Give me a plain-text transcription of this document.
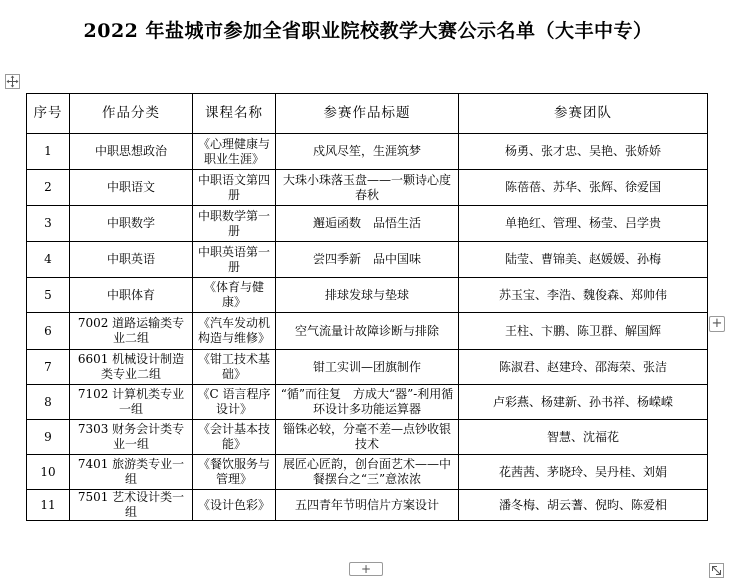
2022 年盐城市参加全省职业院校教学大赛公示名单（大丰中专）
序号	作品分类	课程名称	参赛作品标题	参赛团队
1	中职思想政治	《心理健康与职业生涯》	戍风尽笙，生涯筑梦	杨勇、张才忠、吴艳、张娇娇
2	中职语文	中职语文第四册	大珠小珠落玉盘——一颗诗心度春秋	陈蓓蓓、苏华、张辉、徐爱国
3	中职数学	中职数学第一册	邂逅函数　品悟生活	单艳红、管理、杨莹、吕学贵
4	中职英语	中职英语第一册	尝四季新　品中国味	陆莹、曹锦美、赵媛媛、孙梅
5	中职体育	《体育与健康》	排球发球与垫球	苏玉宝、李浩、魏俊森、郑帅伟
6	7002 道路运输类专业二组	《汽车发动机构造与维修》	空气流量计故障诊断与排除	王柱、卞鹏、陈卫群、解国辉
7	6601 机械设计制造类专业二组	《钳工技术基础》	钳工实训—团旗制作	陈淑君、赵建玲、邵海荣、张洁
8	7102 计算机类专业一组	《C 语言程序设计》	“循”而往复　方成大“器”-利用循环设计多功能运算器	卢彩燕、杨建新、孙书祥、杨嵘嵘
9	7303 财务会计类专业一组	《会计基本技能》	锱铢必较，分毫不差—点钞收银技术	智慧、沈福花
10	7401 旅游类专业一组	《餐饮服务与管理》	展匠心匠韵，创台面艺术——中餐摆台之“三”意浓浓	花茜茜、茅晓玲、吴丹桂、刘娟
11	7501 艺术设计类一组	《设计色彩》	五四青年节明信片方案设计	潘冬梅、胡云蓍、倪昀、陈爱相
+
+
